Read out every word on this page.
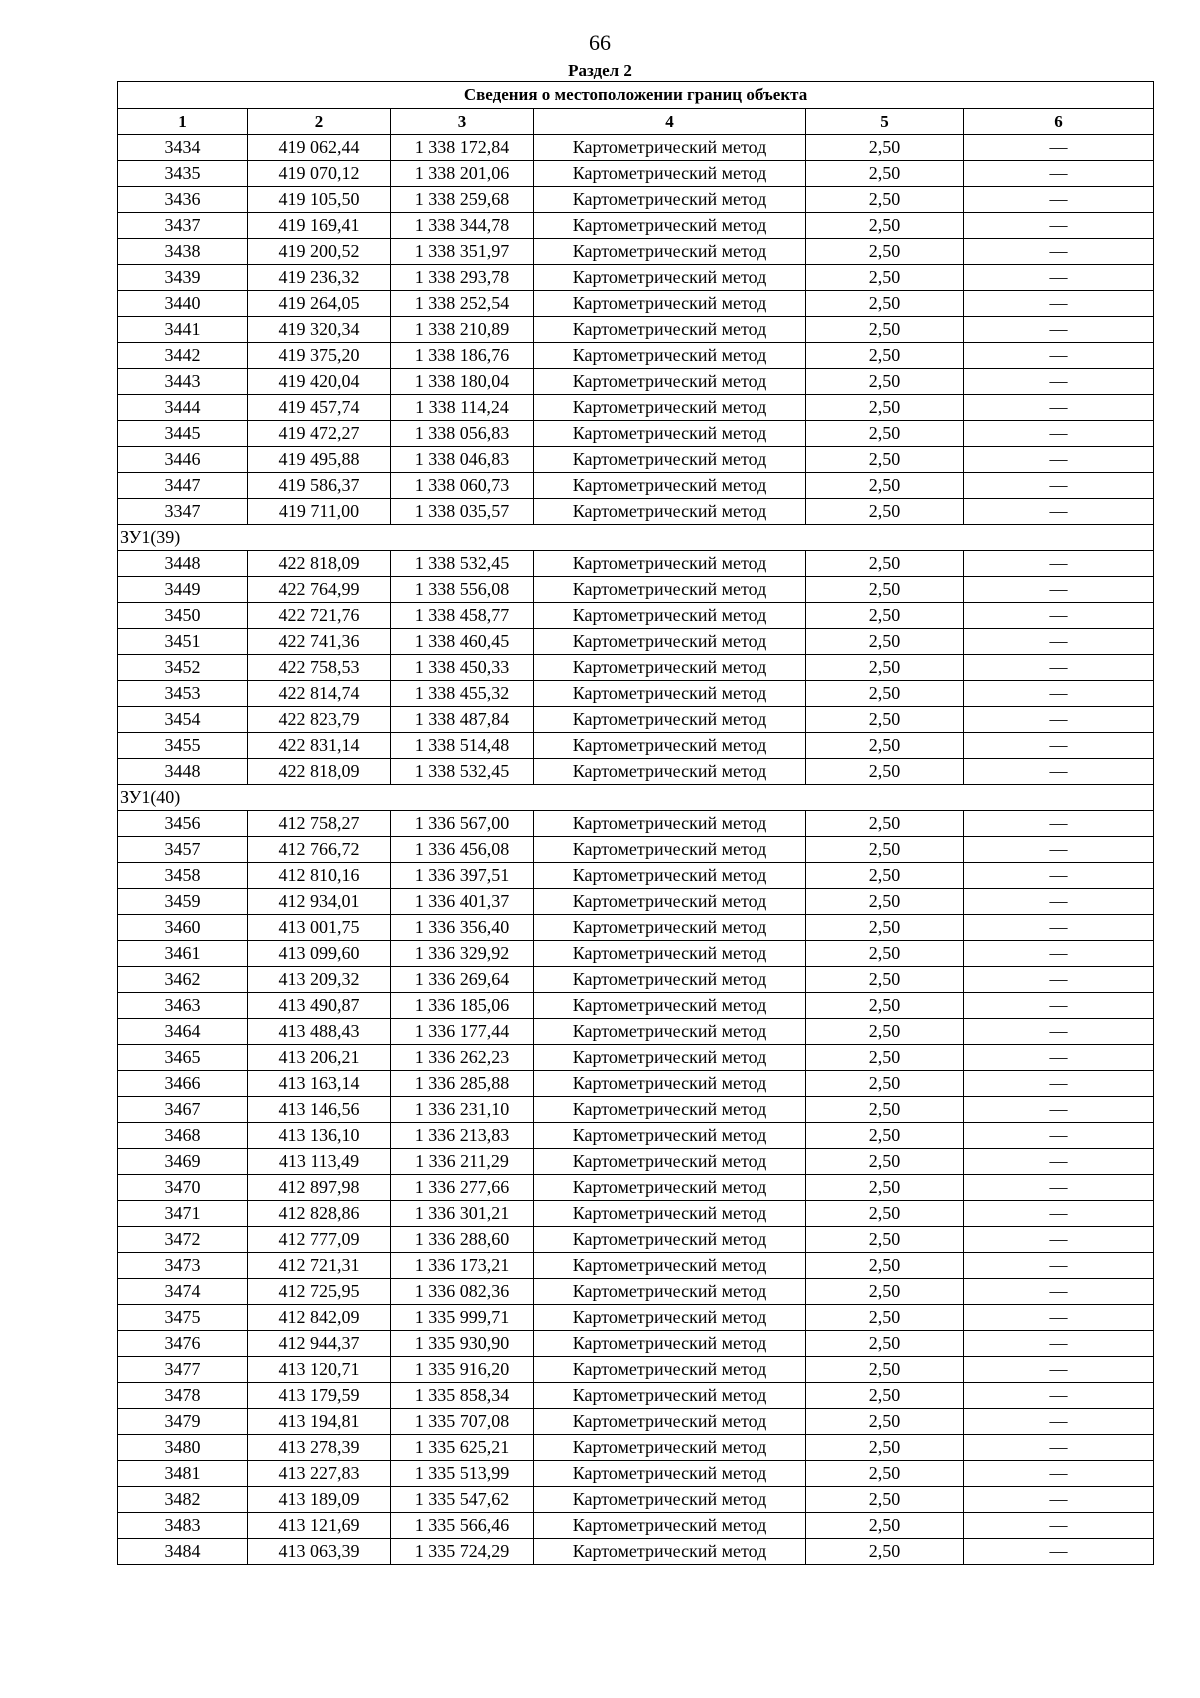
66
Раздел 2
Сведения о местоположении границ объекта					
1	2	3	4	5	6
3434	419 062,44	1 338 172,84	Картометрический метод	2,50	—
3435	419 070,12	1 338 201,06	Картометрический метод	2,50	—
3436	419 105,50	1 338 259,68	Картометрический метод	2,50	—
3437	419 169,41	1 338 344,78	Картометрический метод	2,50	—
3438	419 200,52	1 338 351,97	Картометрический метод	2,50	—
3439	419 236,32	1 338 293,78	Картометрический метод	2,50	—
3440	419 264,05	1 338 252,54	Картометрический метод	2,50	—
3441	419 320,34	1 338 210,89	Картометрический метод	2,50	—
3442	419 375,20	1 338 186,76	Картометрический метод	2,50	—
3443	419 420,04	1 338 180,04	Картометрический метод	2,50	—
3444	419 457,74	1 338 114,24	Картометрический метод	2,50	—
3445	419 472,27	1 338 056,83	Картометрический метод	2,50	—
3446	419 495,88	1 338 046,83	Картометрический метод	2,50	—
3447	419 586,37	1 338 060,73	Картометрический метод	2,50	—
3347	419 711,00	1 338 035,57	Картометрический метод	2,50	—
ЗУ1(39)					
3448	422 818,09	1 338 532,45	Картометрический метод	2,50	—
3449	422 764,99	1 338 556,08	Картометрический метод	2,50	—
3450	422 721,76	1 338 458,77	Картометрический метод	2,50	—
3451	422 741,36	1 338 460,45	Картометрический метод	2,50	—
3452	422 758,53	1 338 450,33	Картометрический метод	2,50	—
3453	422 814,74	1 338 455,32	Картометрический метод	2,50	—
3454	422 823,79	1 338 487,84	Картометрический метод	2,50	—
3455	422 831,14	1 338 514,48	Картометрический метод	2,50	—
3448	422 818,09	1 338 532,45	Картометрический метод	2,50	—
ЗУ1(40)					
3456	412 758,27	1 336 567,00	Картометрический метод	2,50	—
3457	412 766,72	1 336 456,08	Картометрический метод	2,50	—
3458	412 810,16	1 336 397,51	Картометрический метод	2,50	—
3459	412 934,01	1 336 401,37	Картометрический метод	2,50	—
3460	413 001,75	1 336 356,40	Картометрический метод	2,50	—
3461	413 099,60	1 336 329,92	Картометрический метод	2,50	—
3462	413 209,32	1 336 269,64	Картометрический метод	2,50	—
3463	413 490,87	1 336 185,06	Картометрический метод	2,50	—
3464	413 488,43	1 336 177,44	Картометрический метод	2,50	—
3465	413 206,21	1 336 262,23	Картометрический метод	2,50	—
3466	413 163,14	1 336 285,88	Картометрический метод	2,50	—
3467	413 146,56	1 336 231,10	Картометрический метод	2,50	—
3468	413 136,10	1 336 213,83	Картометрический метод	2,50	—
3469	413 113,49	1 336 211,29	Картометрический метод	2,50	—
3470	412 897,98	1 336 277,66	Картометрический метод	2,50	—
3471	412 828,86	1 336 301,21	Картометрический метод	2,50	—
3472	412 777,09	1 336 288,60	Картометрический метод	2,50	—
3473	412 721,31	1 336 173,21	Картометрический метод	2,50	—
3474	412 725,95	1 336 082,36	Картометрический метод	2,50	—
3475	412 842,09	1 335 999,71	Картометрический метод	2,50	—
3476	412 944,37	1 335 930,90	Картометрический метод	2,50	—
3477	413 120,71	1 335 916,20	Картометрический метод	2,50	—
3478	413 179,59	1 335 858,34	Картометрический метод	2,50	—
3479	413 194,81	1 335 707,08	Картометрический метод	2,50	—
3480	413 278,39	1 335 625,21	Картометрический метод	2,50	—
3481	413 227,83	1 335 513,99	Картометрический метод	2,50	—
3482	413 189,09	1 335 547,62	Картометрический метод	2,50	—
3483	413 121,69	1 335 566,46	Картометрический метод	2,50	—
3484	413 063,39	1 335 724,29	Картометрический метод	2,50	—
